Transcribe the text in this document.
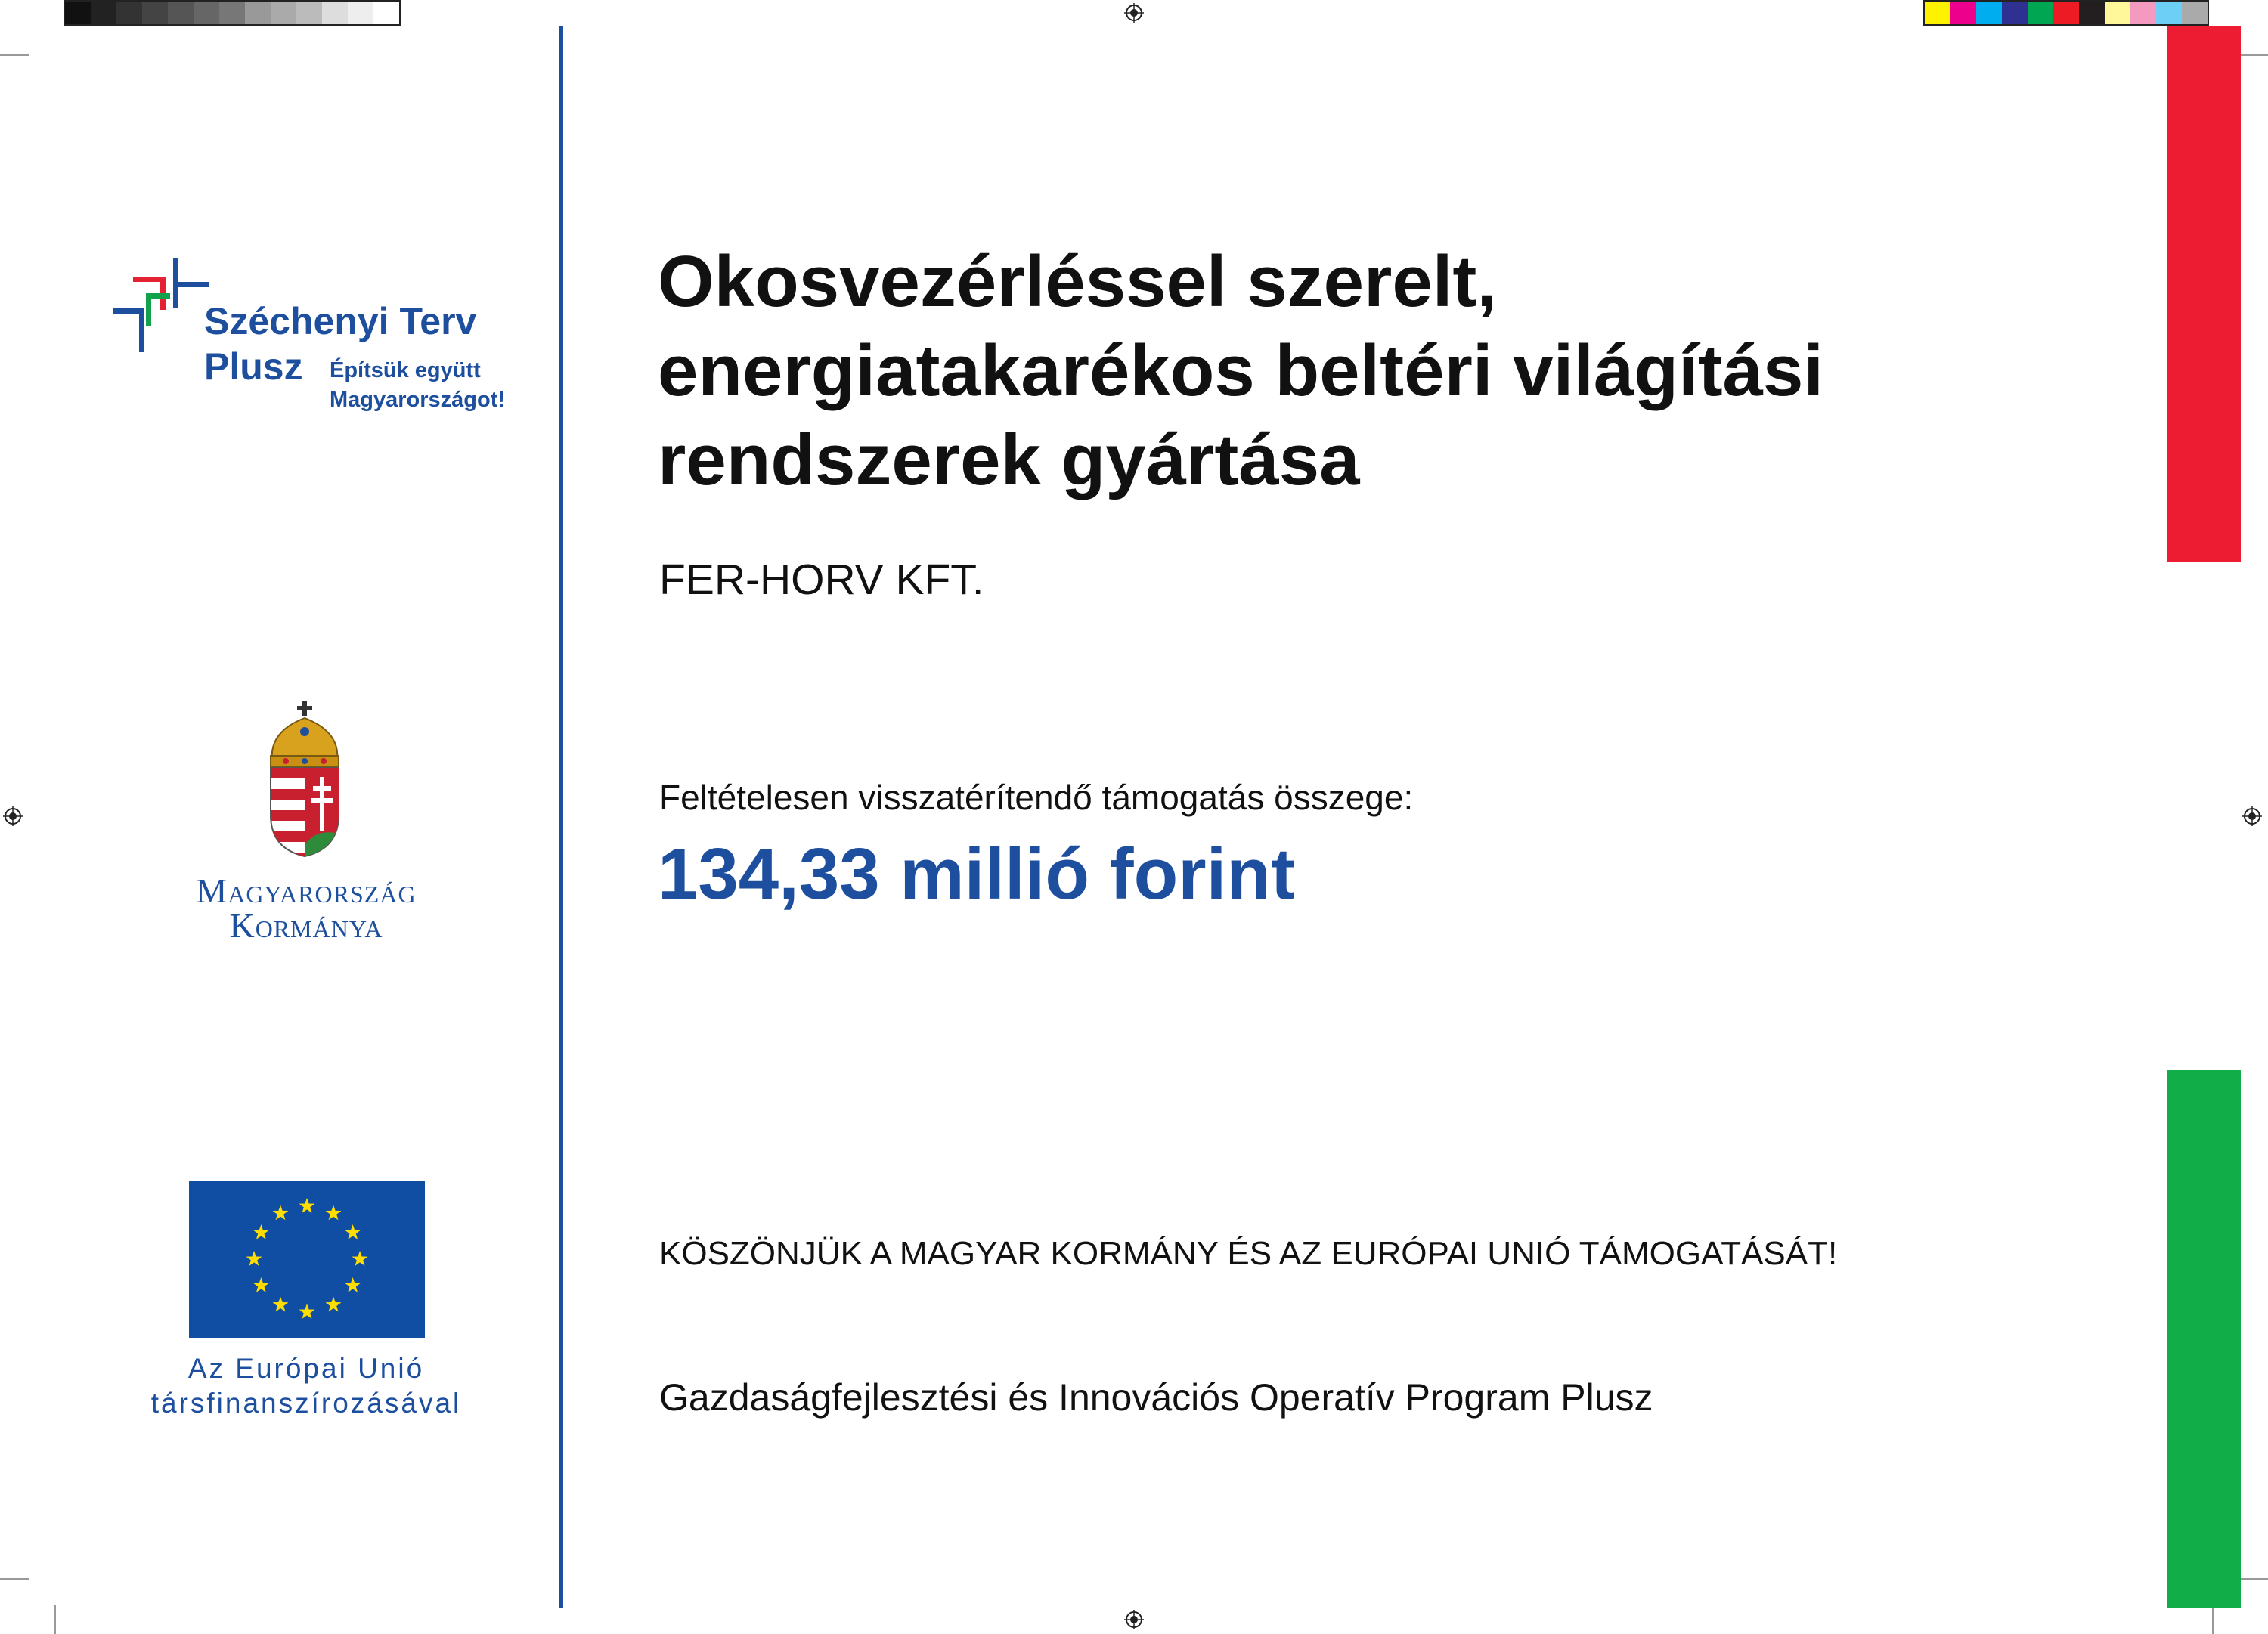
Széchenyi Terv
Plusz Építsük együtt
Magyarországot!
Magyarország
Kormánya
Az Európai Unió
társfinanszírozásával
Okosvezérléssel szerelt,
energiatakarékos beltéri világítási
rendszerek gyártása
FER-HORV KFT.
Feltételesen visszatérítendő támogatás összege:
134,33 millió forint
KÖSZÖNJÜK A MAGYAR KORMÁNY ÉS AZ EURÓPAI UNIÓ TÁMOGATÁSÁT!
Gazdaságfejlesztési és Innovációs Operatív Program Plusz
